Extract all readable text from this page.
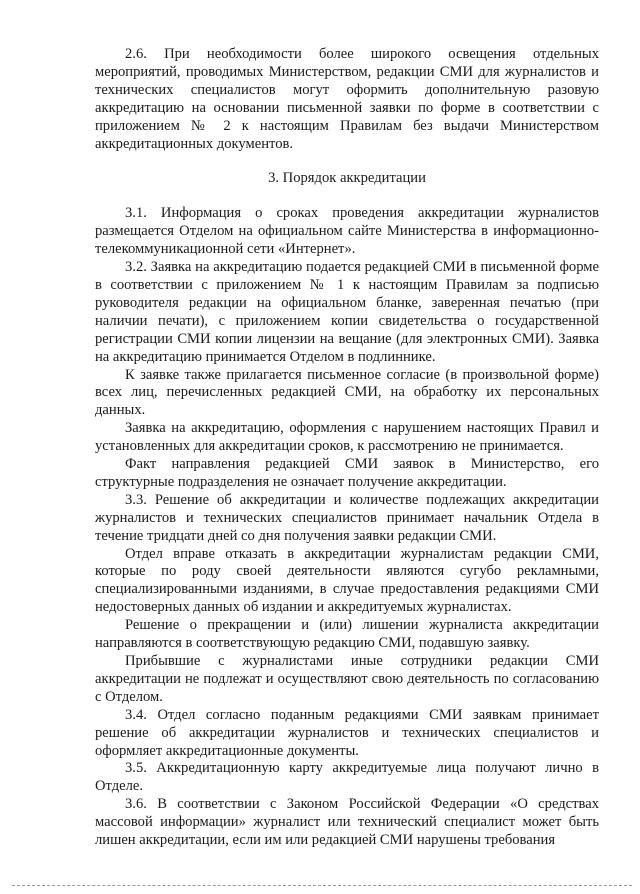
2.6. При необходимости более широкого освещения отдельных мероприятий, проводимых Министерством, редакции СМИ для журналистов и технических специалистов могут оформить дополнительную разовую аккредитацию на основании письменной заявки по форме в соответствии с приложением № 2 к настоящим Правилам без выдачи Министерством аккредитационных документов.

3. Порядок аккредитации

3.1. Информация о сроках проведения аккредитации журналистов размещается Отделом на официальном сайте Министерства в информационно-телекоммуникационной сети «Интернет».

3.2. Заявка на аккредитацию подается редакцией СМИ в письменной форме в соответствии с приложением № 1 к настоящим Правилам за подписью руководителя редакции на официальном бланке, заверенная печатью (при наличии печати), с приложением копии свидетельства о государственной регистрации СМИ копии лицензии на вещание (для электронных СМИ). Заявка на аккредитацию принимается Отделом в подлиннике.

К заявке также прилагается письменное согласие (в произвольной форме) всех лиц, перечисленных редакцией СМИ, на обработку их персональных данных.

Заявка на аккредитацию, оформления с нарушением настоящих Правил и установленных для аккредитации сроков, к рассмотрению не принимается.

Факт направления редакцией СМИ заявок в Министерство, его структурные подразделения не означает получение аккредитации.

3.3. Решение об аккредитации и количестве подлежащих аккредитации журналистов и технических специалистов принимает начальник Отдела в течение тридцати дней со дня получения заявки редакции СМИ.

Отдел вправе отказать в аккредитации журналистам редакции СМИ, которые по роду своей деятельности являются сугубо рекламными, специализированными изданиями, в случае предоставления редакциями СМИ недостоверных данных об издании и аккредитуемых журналистах.

Решение о прекращении и (или) лишении журналиста аккредитации направляются в соответствующую редакцию СМИ, подавшую заявку.

Прибывшие с журналистами иные сотрудники редакции СМИ аккредитации не подлежат и осуществляют свою деятельность по согласованию с Отделом.

3.4. Отдел согласно поданным редакциями СМИ заявкам принимает решение об аккредитации журналистов и технических специалистов и оформляет аккредитационные документы.

3.5. Аккредитационную карту аккредитуемые лица получают лично в Отделе.

3.6. В соответствии с Законом Российской Федерации «О средствах массовой информации» журналист или технический специалист может быть лишен аккредитации, если им или редакцией СМИ нарушены требования
